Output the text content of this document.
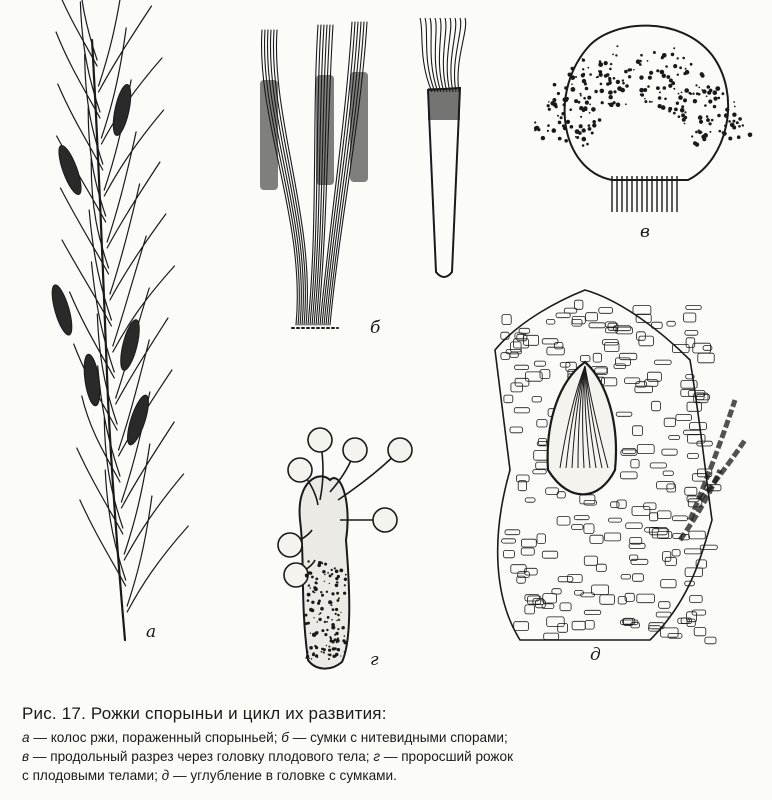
а
б
в
г	д
Рис. 17. Рожки спорыньи и цикл их развития:
а — колос ржи, пораженный спорыньей; б — сумки с нитевидными спорами;
в — продольный разрез через головку плодового тела; г — проросший рожок
с плодовыми телами; д — углубление в головке с сумками.
